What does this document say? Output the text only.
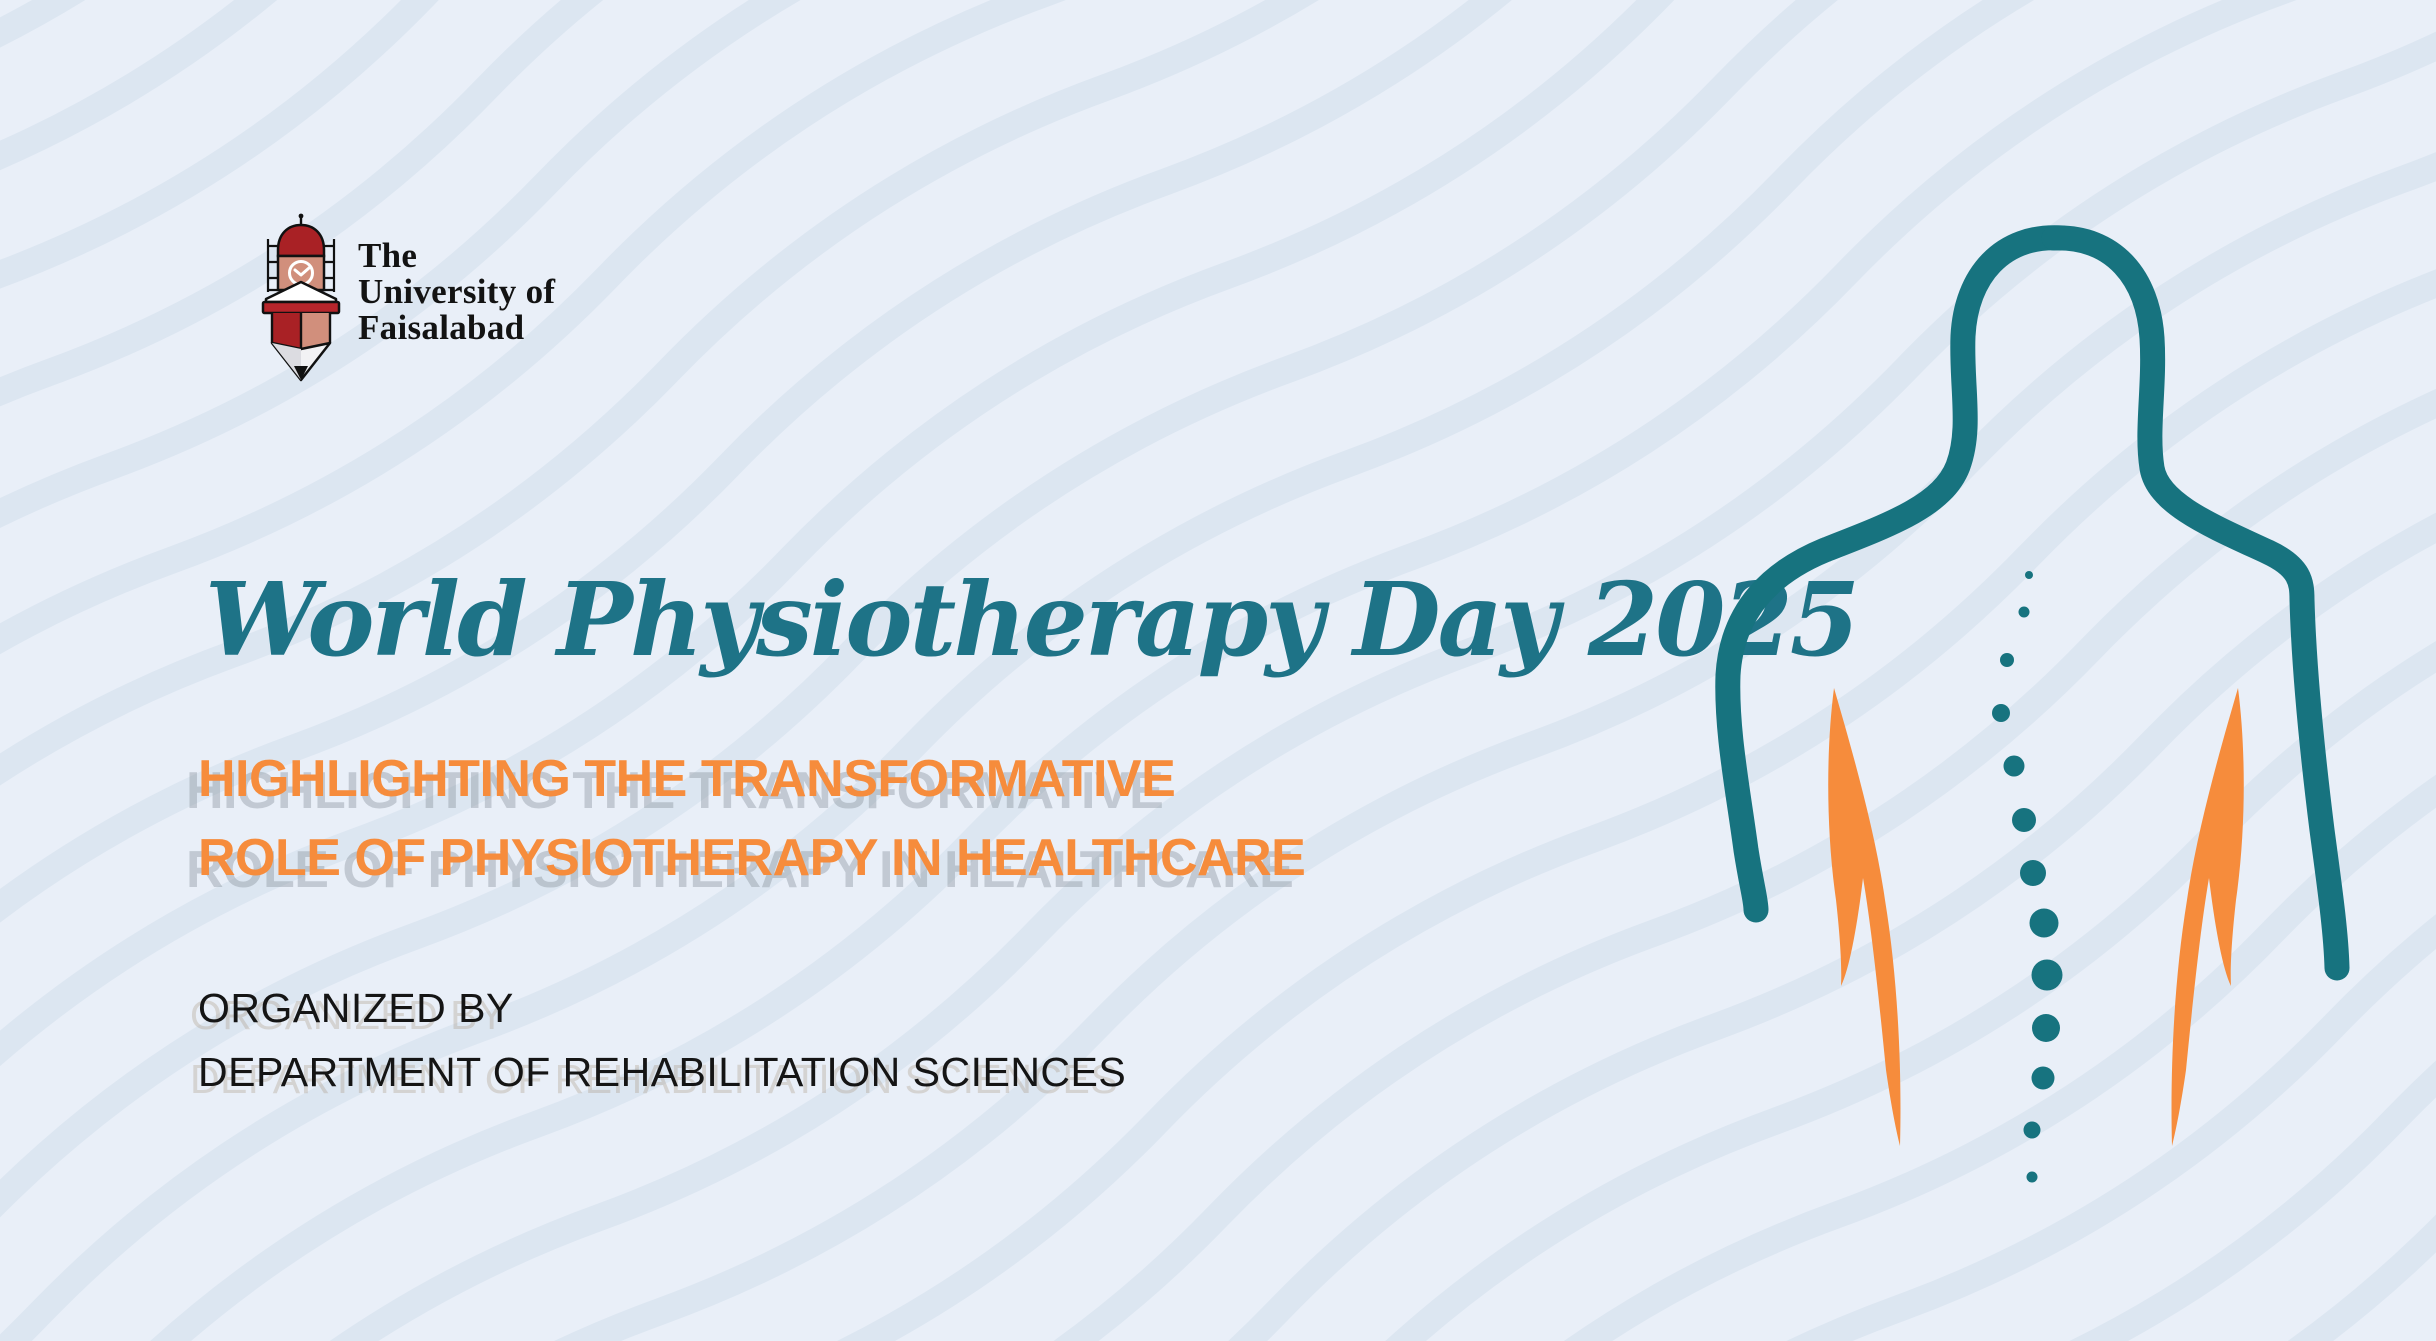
The
University of
Faisalabad
World Physiotherapy Day 2025
HIGHLIGHTING THE TRANSFORMATIVE
ROLE OF PHYSIOTHERAPY IN HEALTHCARE
ORGANIZED BY
DEPARTMENT OF REHABILITATION SCIENCES
